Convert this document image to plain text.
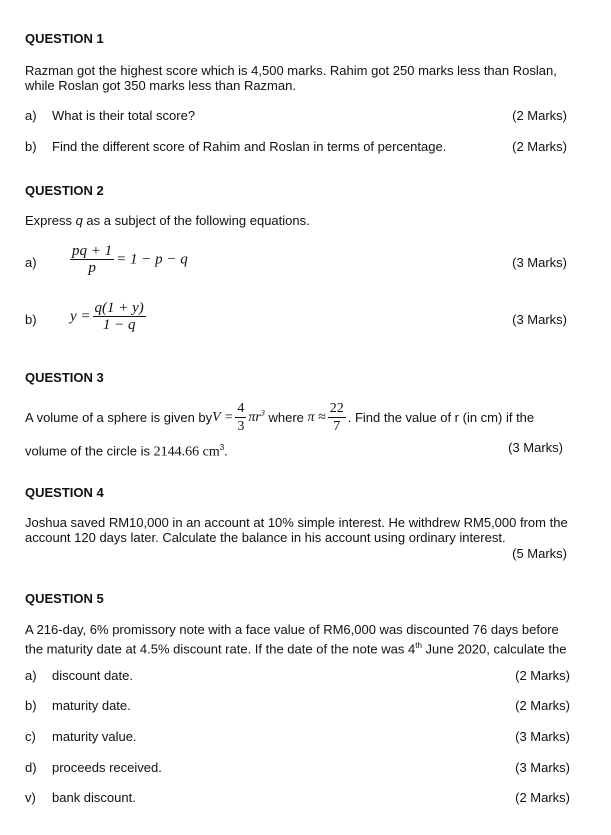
QUESTION 1
Razman got the highest score which is 4,500 marks. Rahim got 250 marks less than Roslan,
while Roslan got 350 marks less than Razman.
a) What is their total score?	(2 Marks)
b) Find the different score of Rahim and Roslan in terms of percentage.	(2 Marks)
QUESTION 2
Express q as a subject of the following equations.
$a) \frac{pq + 1}{p} = 1 - p - q$	(3 Marks)
b) $y = \frac{q(1 + y)}{1 - q}$	(3 Marks)
QUESTION 3
A volume of a sphere is given by $V = \frac{4}{3} \pi r^3$ where $\pi \approx \frac{22}{7}$ . Find the value of r (in cm) if the
volume of the circle is 2144.66 $cm^3$.	(3 Marks)
QUESTION 4
Joshua saved RM10,000 in an account at 10% simple interest. He withdrew RM5,000 from the
account 120 days later. Calculate the balance in his account using ordinary interest.
(5 Marks)
QUESTION 5
A 216-day, 6% promissory note with a face value of RM6,000 was discounted 76 days before
the maturity date at 4.5% discount rate. If the date of the note was 4th June 2020, calculate the
a) discount date.	(2 Marks)
b) maturity date.	(2 Marks)
c) maturity value.	(3 Marks)
d) proceeds received.	(3 Marks)
v) bank discount.	(2 Marks)
